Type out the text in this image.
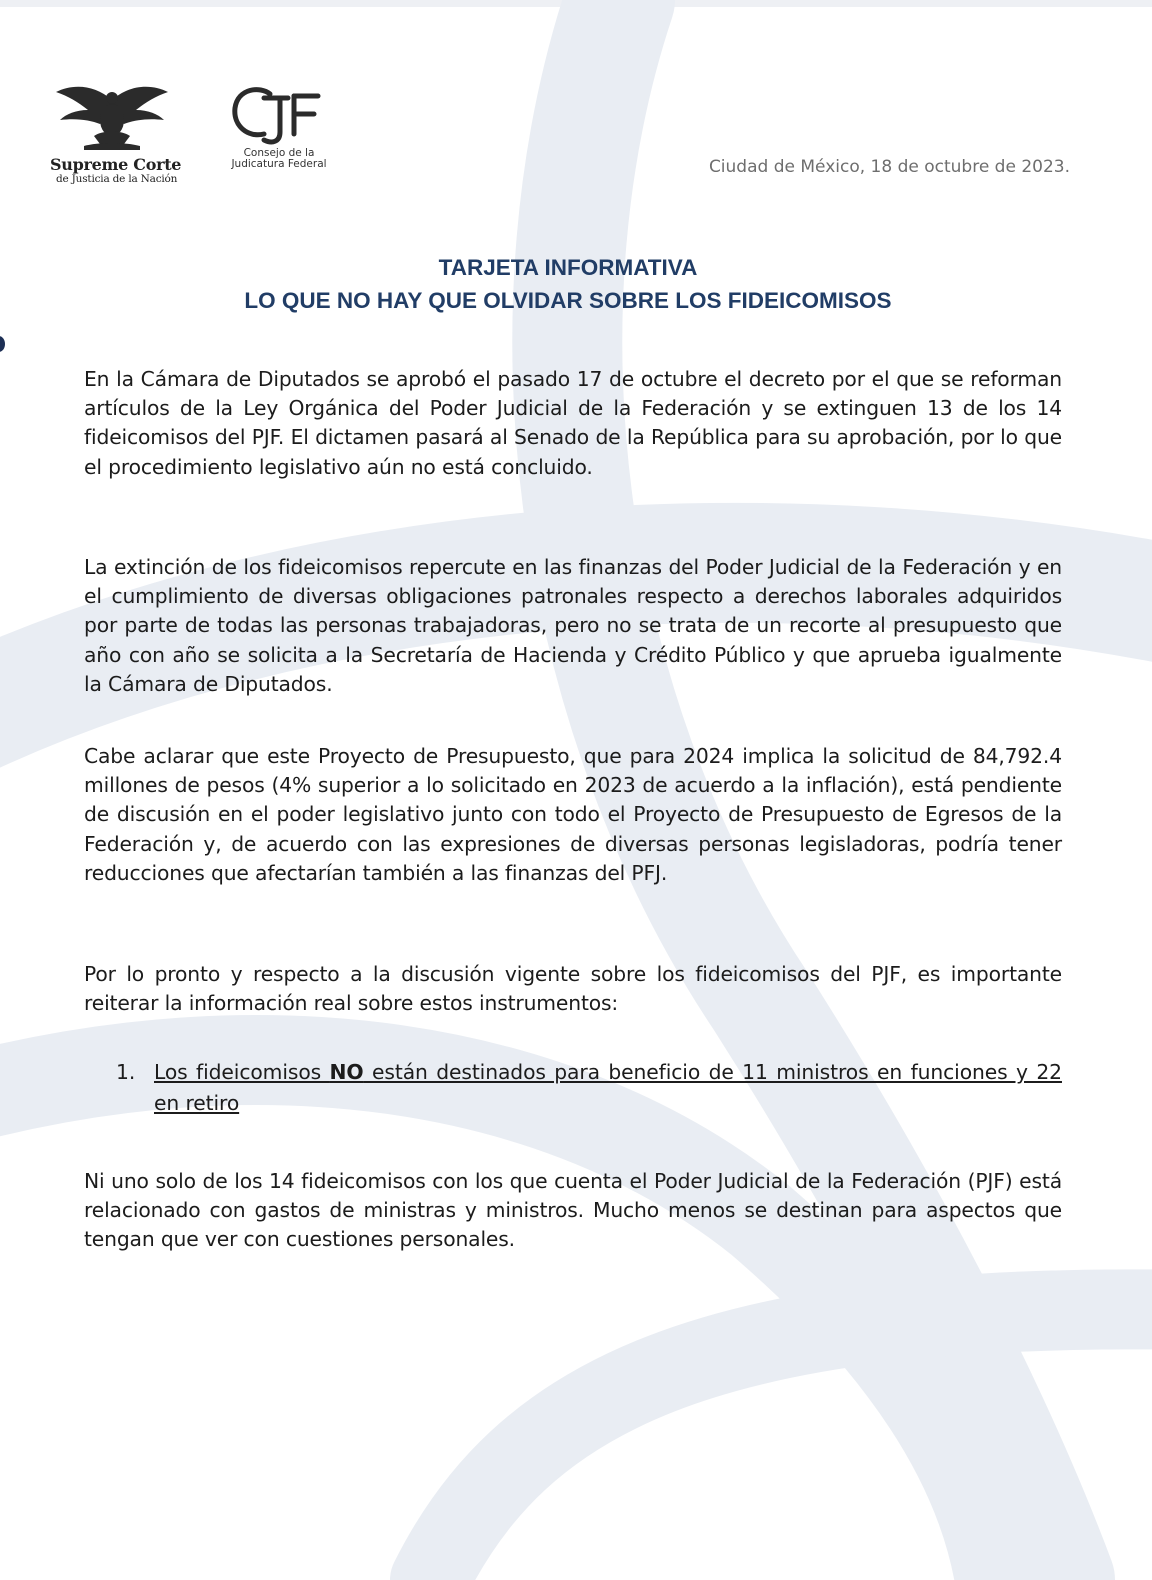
Supreme Corte
de Justicia de la Nación
Consejo de la
Judicatura Federal	Ciudad de México, 18 de octubre de 2023.
TARJETA INFORMATIVA
LO QUE NO HAY QUE OLVIDAR SOBRE LOS FIDEICOMISOS

En la Cámara de Diputados se aprobó el pasado 17 de octubre el decreto por el que se reforman artículos de la Ley Orgánica del Poder Judicial de la Federación y se extinguen 13 de los 14 fideicomisos del PJF. El dictamen pasará al Senado de la República para su aprobación, por lo que el procedimiento legislativo aún no está concluido.

La extinción de los fideicomisos repercute en las finanzas del Poder Judicial de la Federación y en el cumplimiento de diversas obligaciones patronales respecto a derechos laborales adquiridos por parte de todas las personas trabajadoras, pero no se trata de un recorte al presupuesto que año con año se solicita a la Secretaría de Hacienda y Crédito Público y que aprueba igualmente la Cámara de Diputados.

Cabe aclarar que este Proyecto de Presupuesto, que para 2024 implica la solicitud de 84,792.4 millones de pesos (4% superior a lo solicitado en 2023 de acuerdo a la inflación), está pendiente de discusión en el poder legislativo junto con todo el Proyecto de Presupuesto de Egresos de la Federación y, de acuerdo con las expresiones de diversas personas legisladoras, podría tener reducciones que afectarían también a las finanzas del PFJ.

Por lo pronto y respecto a la discusión vigente sobre los fideicomisos del PJF, es importante reiterar la información real sobre estos instrumentos:

1. Los fideicomisos NO están destinados para beneficio de 11 ministros en funciones y 22 en retiro

Ni uno solo de los 14 fideicomisos con los que cuenta el Poder Judicial de la Federación (PJF) está relacionado con gastos de ministras y ministros. Mucho menos se destinan para aspectos que tengan que ver con cuestiones personales.
